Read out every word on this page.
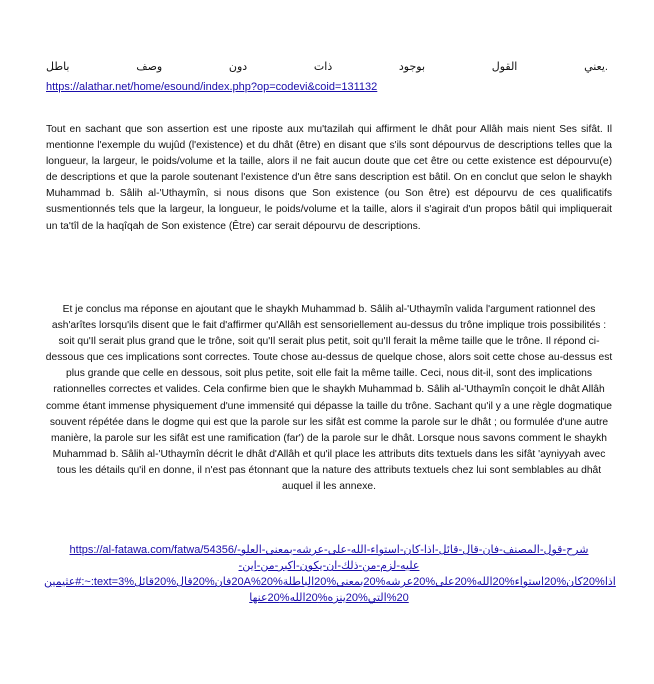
باطل	وصف	دون	ذات	بوجود	القول	يعني.
https://alathar.net/home/esound/index.php?op=codevi&coid=131132

Tout en sachant que son assertion est une riposte aux mu'tazilah qui affirment le dhât pour Allâh mais nient Ses sifât. Il mentionne l'exemple du wujûd (l'existence) et du dhât (être) en disant que s'ils sont dépourvus de descriptions telles que la longueur, la largeur, le poids/volume et la taille, alors il ne fait aucun doute que cet être ou cette existence est dépourvu(e) de descriptions et que la parole soutenant l'existence d'un être sans description est bâtil. On en conclut que selon le shaykh Muhammad b. Sâlih al-'Uthaymîn, si nous disons que Son existence (ou Son être) est dépourvu de ces qualificatifs susmentionnés tels que la largeur, la longueur, le poids/volume et la taille, alors il s'agirait d'un propos bâtil qui impliquerait un ta'tîl de la haqîqah de Son existence (Être) car serait dépourvu de descriptions.

Et je conclus ma réponse en ajoutant que le shaykh Muhammad b. Sâlih al-'Uthaymîn valida l'argument rationnel des ash'arîtes lorsqu'ils disent que le fait d'affirmer qu'Allâh est sensoriellement au-dessus du trône implique trois possibilités : soit qu'Il serait plus grand que le trône, soit qu'Il serait plus petit, soit qu'Il ferait la même taille que le trône. Il répond ci-dessous que ces implications sont correctes. Toute chose au-dessus de quelque chose, alors soit cette chose au-dessus est plus grande que celle en dessous, soit plus petite, soit elle fait la même taille. Ceci, nous dit-il, sont des implications rationnelles correctes et valides. Cela confirme bien que le shaykh Muhammad b. Sâlih al-'Uthaymîn conçoit le dhât Allâh comme étant immense physiquement d'une immensité qui dépasse la taille du trône. Sachant qu'il y a une règle dogmatique souvent répétée dans le dogme qui est que la parole sur les sifât est comme la parole sur le dhât ; ou formulée d'une autre manière, la parole sur les sifât est une ramification (far') de la parole sur le dhât. Lorsque nous savons comment le shaykh Muhammad b. Sâlih al-'Uthaymîn décrit le dhât d'Allâh et qu'il place les attributs dits textuels dans les sifât 'ayniyyah avec tous les détails qu'il en donne, il n'est pas étonnant que la nature des attributs textuels chez lui sont semblables au dhât auquel il les annexe.

https://al-fatawa.com/fatwa/54356/شرح-قول-المصنف-فان-قال-قائل-اذا-كان-استواء-الله-على-عرشه-بمعنى-العلو-
عليه-لزم-من-ذلك-ان-يكون-اكبر-من-اين-
اذا%20كان%20استواء%20الله%20على%20عرشه%20بمعنى%20الباطلة%20A%20فان%20قال%20قائل%3=text:~:#عثيمين
%20التي%20ينزه%20الله%20عنها
